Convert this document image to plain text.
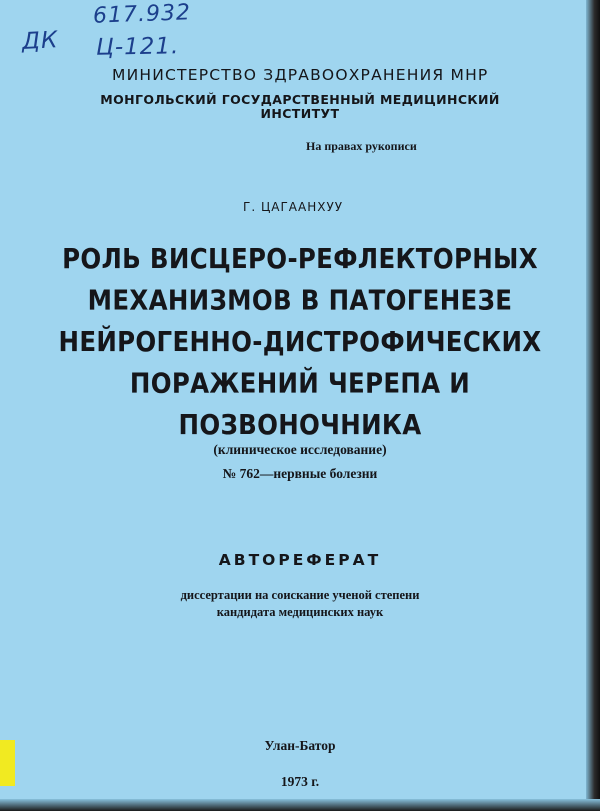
617.932
ДК Ц-121.
МИНИСТЕРСТВО ЗДРАВООХРАНЕНИЯ МНР
МОНГОЛЬСКИЙ ГОСУДАРСТВЕННЫЙ МЕДИЦИНСКИЙ
ИНСТИТУТ
На правах рукописи
Г. ЦАГААНХУУ
РОЛЬ ВИСЦЕРО-РЕФЛЕКТОРНЫХ
МЕХАНИЗМОВ В ПАТОГЕНЕЗЕ
НЕЙРОГЕННО-ДИСТРОФИЧЕСКИХ
ПОРАЖЕНИЙ ЧЕРЕПА И
ПОЗВОНОЧНИКА
(клиническое исследование)
№ 762—нервные болезни
АВТОРЕФЕРАТ
диссертации на соискание ученой степени
кандидата медицинских наук
Улан-Батор
1973 г.
